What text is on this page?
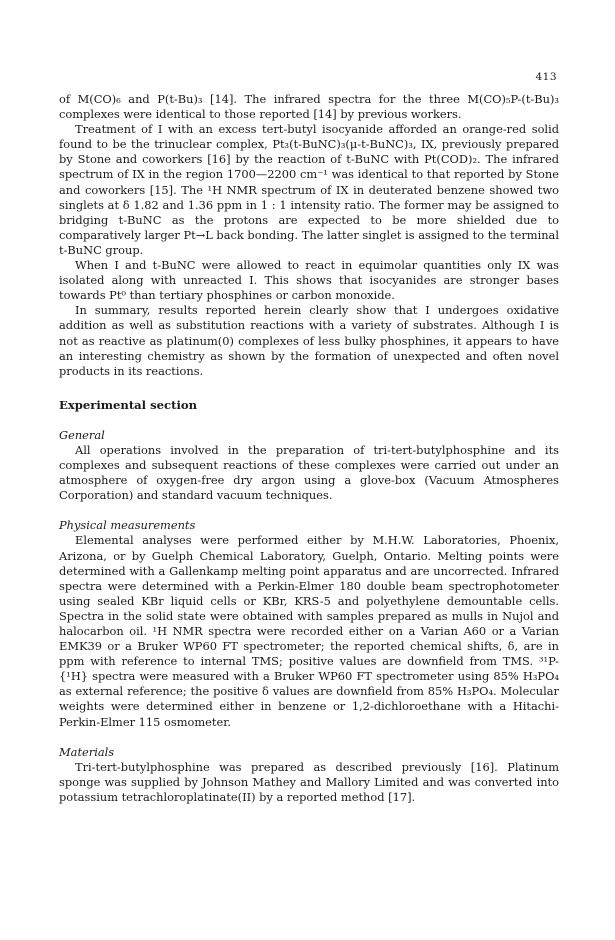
413

of M(CO)₆ and P(t-Bu)₃ [14]. The infrared spectra for the three M(CO)₅P-(t-Bu)₃ complexes were identical to those reported [14] by previous workers.

Treatment of I with an excess tert-butyl isocyanide afforded an orange-red solid found to be the trinuclear complex, Pt₃(t-BuNC)₃(μ-t-BuNC)₃, IX, previously prepared by Stone and coworkers [16] by the reaction of t-BuNC with Pt(COD)₂. The infrared spectrum of IX in the region 1700—2200 cm⁻¹ was identical to that reported by Stone and coworkers [15]. The ¹H NMR spectrum of IX in deuterated benzene showed two singlets at δ 1.82 and 1.36 ppm in 1 : 1 intensity ratio. The former may be assigned to bridging t-BuNC as the protons are expected to be more shielded due to comparatively larger Pt→L back bonding. The latter singlet is assigned to the terminal t-BuNC group.

When I and t-BuNC were allowed to react in equimolar quantities only IX was isolated along with unreacted I. This shows that isocyanides are stronger bases towards Pt⁰ than tertiary phosphines or carbon monoxide.

In summary, results reported herein clearly show that I undergoes oxidative addition as well as substitution reactions with a variety of substrates. Although I is not as reactive as platinum(0) complexes of less bulky phosphines, it appears to have an interesting chemistry as shown by the formation of unexpected and often novel products in its reactions.

Experimental section
General

All operations involved in the preparation of tri-tert-butylphosphine and its complexes and subsequent reactions of these complexes were carried out under an atmosphere of oxygen-free dry argon using a glove-box (Vacuum Atmospheres Corporation) and standard vacuum techniques.

Physical measurements

Elemental analyses were performed either by M.H.W. Laboratories, Phoenix, Arizona, or by Guelph Chemical Laboratory, Guelph, Ontario. Melting points were determined with a Gallenkamp melting point apparatus and are uncorrected. Infrared spectra were determined with a Perkin-Elmer 180 double beam spectrophotometer using sealed KBr liquid cells or KBr, KRS-5 and polyethylene demountable cells. Spectra in the solid state were obtained with samples prepared as mulls in Nujol and halocarbon oil. ¹H NMR spectra were recorded either on a Varian A60 or a Varian EMK39 or a Bruker WP60 FT spectrometer; the reported chemical shifts, δ, are in ppm with reference to internal TMS; positive values are downfield from TMS. ³¹P-{¹H} spectra were measured with a Bruker WP60 FT spectrometer using 85% H₃PO₄ as external reference; the positive δ values are downfield from 85% H₃PO₄. Molecular weights were determined either in benzene or 1,2-dichloroethane with a Hitachi-Perkin-Elmer 115 osmometer.

Materials

Tri-tert-butylphosphine was prepared as described previously [16]. Platinum sponge was supplied by Johnson Mathey and Mallory Limited and was converted into potassium tetrachloroplatinate(II) by a reported method [17].
